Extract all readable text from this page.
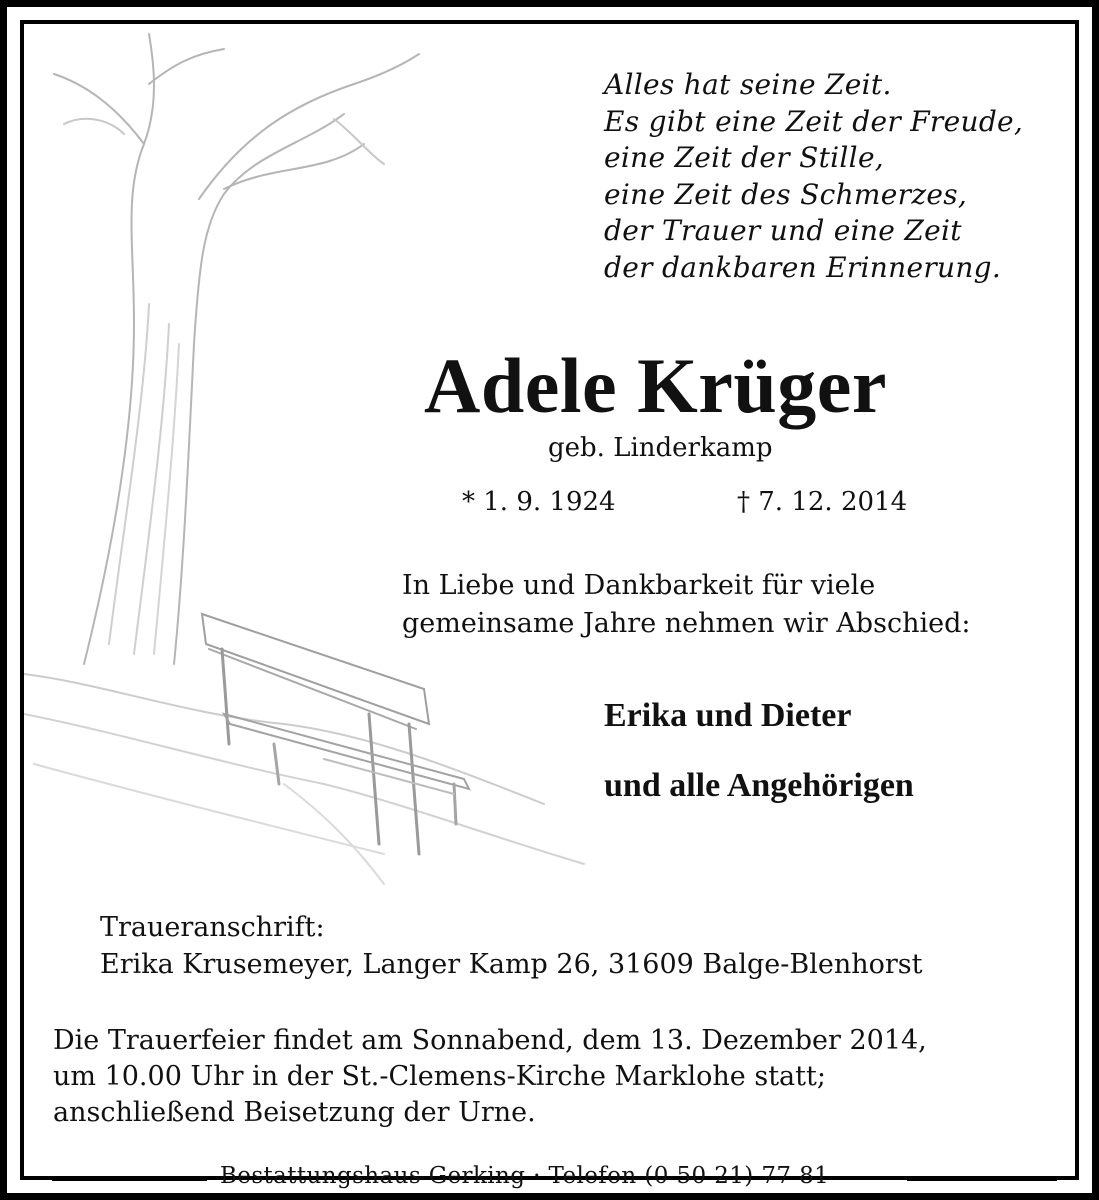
Alles hat seine Zeit.
Es gibt eine Zeit der Freude,
eine Zeit der Stille,
eine Zeit des Schmerzes,
der Trauer und eine Zeit
der dankbaren Erinnerung.
Adele Krüger
geb. Linderkamp
* 1. 9. 1924	† 7. 12. 2014
In Liebe und Dankbarkeit für viele
gemeinsame Jahre nehmen wir Abschied:
Erika und Dieter
und alle Angehörigen
Traueranschrift:
Erika Krusemeyer, Langer Kamp 26, 31609 Balge-Blenhorst
Die Trauerfeier findet am Sonnabend, dem 13. Dezember 2014,
um 10.00 Uhr in der St.-Clemens-Kirche Marklohe statt;
anschließend Beisetzung der Urne.
Bestattungshaus Gerking · Telefon (0 50 21) 77 81
